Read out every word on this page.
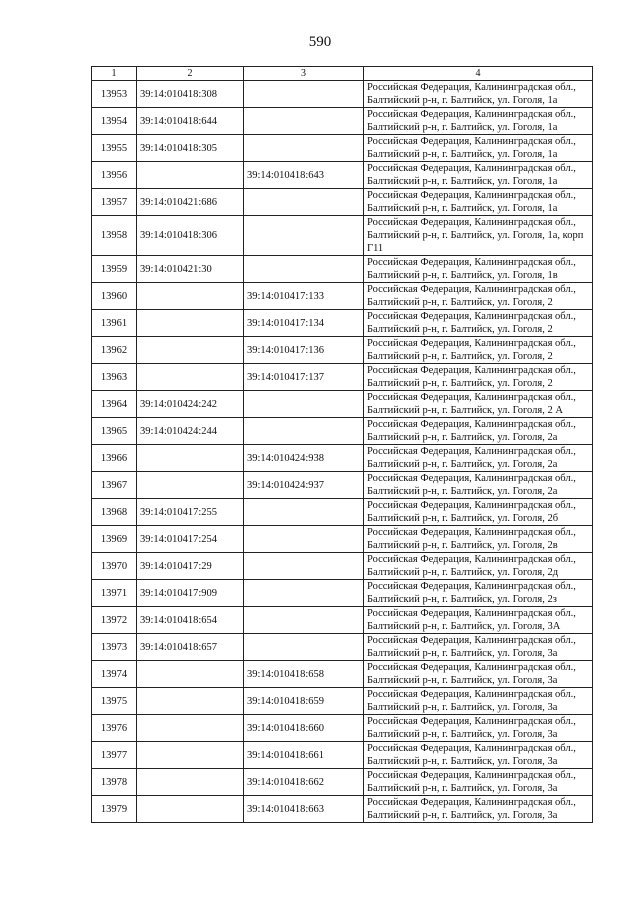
590
1	2	3	4
13953	39:14:010418:308		Российская Федерация, Калининградская обл., Балтийский р-н, г. Балтийск, ул. Гоголя, 1а
13954	39:14:010418:644		Российская Федерация, Калининградская обл., Балтийский р-н, г. Балтийск, ул. Гоголя, 1а
13955	39:14:010418:305		Российская Федерация, Калининградская обл., Балтийский р-н, г. Балтийск, ул. Гоголя, 1а
13956		39:14:010418:643	Российская Федерация, Калининградская обл., Балтийский р-н, г. Балтийск, ул. Гоголя, 1а
13957	39:14:010421:686		Российская Федерация, Калининградская обл., Балтийский р-н, г. Балтийск, ул. Гоголя, 1а
13958	39:14:010418:306		Российская Федерация, Калининградская обл., Балтийский р-н, г. Балтийск, ул. Гоголя, 1а, корп Г11
13959	39:14:010421:30		Российская Федерация, Калининградская обл., Балтийский р-н, г. Балтийск, ул. Гоголя, 1в
13960		39:14:010417:133	Российская Федерация, Калининградская обл., Балтийский р-н, г. Балтийск, ул. Гоголя, 2
13961		39:14:010417:134	Российская Федерация, Калининградская обл., Балтийский р-н, г. Балтийск, ул. Гоголя, 2
13962		39:14:010417:136	Российская Федерация, Калининградская обл., Балтийский р-н, г. Балтийск, ул. Гоголя, 2
13963		39:14:010417:137	Российская Федерация, Калининградская обл., Балтийский р-н, г. Балтийск, ул. Гоголя, 2
13964	39:14:010424:242		Российская Федерация, Калининградская обл., Балтийский р-н, г. Балтийск, ул. Гоголя, 2 А
13965	39:14:010424:244		Российская Федерация, Калининградская обл., Балтийский р-н, г. Балтийск, ул. Гоголя, 2а
13966		39:14:010424:938	Российская Федерация, Калининградская обл., Балтийский р-н, г. Балтийск, ул. Гоголя, 2а
13967		39:14:010424:937	Российская Федерация, Калининградская обл., Балтийский р-н, г. Балтийск, ул. Гоголя, 2а
13968	39:14:010417:255		Российская Федерация, Калининградская обл., Балтийский р-н, г. Балтийск, ул. Гоголя, 2б
13969	39:14:010417:254		Российская Федерация, Калининградская обл., Балтийский р-н, г. Балтийск, ул. Гоголя, 2в
13970	39:14:010417:29		Российская Федерация, Калининградская обл., Балтийский р-н, г. Балтийск, ул. Гоголя, 2д
13971	39:14:010417:909		Российская Федерация, Калининградская обл., Балтийский р-н, г. Балтийск, ул. Гоголя, 2з
13972	39:14:010418:654		Российская Федерация, Калининградская обл., Балтийский р-н, г. Балтийск, ул. Гоголя, 3А
13973	39:14:010418:657		Российская Федерация, Калининградская обл., Балтийский р-н, г. Балтийск, ул. Гоголя, 3а
13974		39:14:010418:658	Российская Федерация, Калининградская обл., Балтийский р-н, г. Балтийск, ул. Гоголя, 3а
13975		39:14:010418:659	Российская Федерация, Калининградская обл., Балтийский р-н, г. Балтийск, ул. Гоголя, 3а
13976		39:14:010418:660	Российская Федерация, Калининградская обл., Балтийский р-н, г. Балтийск, ул. Гоголя, 3а
13977		39:14:010418:661	Российская Федерация, Калининградская обл., Балтийский р-н, г. Балтийск, ул. Гоголя, 3а
13978		39:14:010418:662	Российская Федерация, Калининградская обл., Балтийский р-н, г. Балтийск, ул. Гоголя, 3а
13979		39:14:010418:663	Российская Федерация, Калининградская обл., Балтийский р-н, г. Балтийск, ул. Гоголя, 3а
